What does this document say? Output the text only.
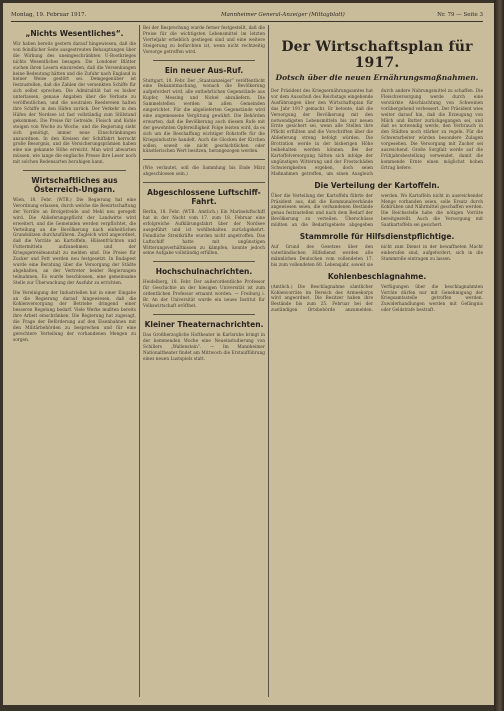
Montag, 19. Februar 1917.	Mannheimer General-Anzeiger (Mittagblatt)	Nr. 79 — Seite 3
„Nichts Wesentliches“.

Wir haben bereits gestern darauf hingewiesen, daß die von feindlicher Seite ausgestreuten Behauptungen über die Wirkung des uneingeschränkten U-Bootkrieges nichts Wesentliches besagen. Die Londoner Blätter suchen ihren Lesern einzureden, daß die Versenkungen keine Bedeutung hätten und die Zufuhr nach England in keiner Weise gestört sei. Demgegenüber ist festzustellen, daß die Zahlen der versenkten Schiffe für sich selbst sprechen. Die Admiralität hat es bisher unterlassen, genaue Angaben über die Verluste zu veröffentlichen, und die neutralen Reedereien halten ihre Schiffe in den Häfen zurück. Der Verkehr in den Häfen der Nordsee ist fast vollständig zum Stillstand gekommen. Die Preise für Getreide, Fleisch und Kohle steigen von Woche zu Woche, und die Regierung sieht sich genötigt, immer neue Einschränkungen anzuordnen. In den Kreisen der Schiffahrt herrscht große Besorgnis, und die Versicherungsprämien haben eine nie gekannte Höhe erreicht. Man wird abwarten müssen, wie lange die englische Presse ihre Leser noch mit solchen Redensarten beruhigen kann.

Wirtschaftliches aus Österreich-Ungarn.

Wien, 18. Febr. (WTB.) Die Regierung hat eine Verordnung erlassen, durch welche die Bewirtschaftung der Vorräte an Brotgetreide und Mehl neu geregelt wird. Die Ablieferungspflicht der Landwirte wird erweitert, und die Gemeinden werden verpflichtet, die Verteilung an die Bevölkerung nach einheitlichen Grundsätzen durchzuführen. Zugleich wird angeordnet, daß die Vorräte an Kartoffeln, Hülsenfrüchten und Futtermitteln aufzunehmen und der Kriegsgetreideanstalt zu melden sind. Die Preise für Zucker und Fett werden neu festgesetzt. In Budapest wurde eine Beratung über die Versorgung der Städte abgehalten, an der Vertreter beider Regierungen teilnahmen. Es wurde beschlossen, eine gemeinsame Stelle zur Überwachung der Ausfuhr zu errichten.

Die Vereinigung der Industriellen hat in einer Eingabe an die Regierung darauf hingewiesen, daß die Kohlenversorgung der Betriebe dringend einer besseren Regelung bedarf. Viele Werke mußten bereits ihre Arbeit einschränken. Die Regierung hat zugesagt, die Frage der Beförderung auf den Eisenbahnen mit den Militärbehörden zu besprechen und für eine gerechtere Verteilung der vorhandenen Mengen zu sorgen.

Bei der Besprechung wurde ferner festgestellt, daß die Preise für die wichtigsten Lebensmittel im letzten Vierteljahr erheblich gestiegen sind und eine weitere Steigerung zu befürchten ist, wenn nicht rechtzeitig Vorsorge getroffen wird.

Ein neuer Aus-Ruf.

Stuttgart, 18. Febr. Der „Staatsanzeiger“ veröffentlicht eine Bekanntmachung, wonach die Bevölkerung aufgefordert wird, alle entbehrlichen Gegenstände aus Kupfer, Messing und Nickel abzuliefern. Die Sammelstellen werden in allen Gemeinden eingerichtet. Für die abgelieferten Gegenstände wird eine angemessene Vergütung gewährt. Die Behörden erwarten, daß die Bevölkerung auch diesem Rufe mit der gewohnten Opferwilligkeit Folge leisten wird, da es sich um die Beschaffung wichtiger Rohstoffe für die Kriegsindustrie handelt. Auch die Glocken der Kirchen sollen, soweit sie nicht geschichtlichen oder künstlerischen Wert besitzen, herangezogen werden.

(Wie verlautet, soll die Sammlung bis Ende März abgeschlossen sein.)

Abgeschlossene Luftschiff-Fahrt.

Berlin, 18. Febr. (WTB. Amtlich.) Ein Marineluftschiff hat in der Nacht vom 17. zum 18. Februar eine erfolgreiche Aufklärungsfahrt über der Nordsee ausgeführt und ist wohlbehalten zurückgekehrt. Feindliche Streitkräfte wurden nicht angetroffen. Das Luftschiff hatte mit ungünstigen Witterungsverhältnissen zu kämpfen, konnte jedoch seine Aufgabe vollständig erfüllen.

Hochschulnachrichten.

Heidelberg, 18. Febr. Der außerordentliche Professor für Geschichte an der hiesigen Universität ist zum ordentlichen Professor ernannt worden. — Freiburg i. Br. An der Universität wurde ein neues Institut für Volkswirtschaft eröffnet.

Kleiner Theaternachrichten.

Das Großherzogliche Hoftheater in Karlsruhe bringt in der kommenden Woche eine Neueinstudierung von Schillers „Wallenstein“. — Im Mannheimer Nationaltheater findet am Mittwoch die Erstaufführung eines neuen Lustspiels statt.

Der Wirtschaftsplan für 1917.
Dotsch über die neuen Ernährungsmaßnahmen.

Der Präsident des Kriegsernährungsamtes hat vor dem Ausschuß des Reichstags eingehende Ausführungen über den Wirtschaftsplan für das Jahr 1917 gemacht. Er betonte, daß die Versorgung der Bevölkerung mit den notwendigsten Lebensmitteln bis zur neuen Ernte gesichert sei, wenn alle Stellen ihre Pflicht erfüllten und die Vorschriften über die Ablieferung streng befolgt würden. Die Brotration werde in der bisherigen Höhe beibehalten werden können. Bei der Kartoffelversorgung hätten sich infolge der ungünstigen Witterung und der Frostschäden Schwierigkeiten ergeben, doch seien Maßnahmen getroffen, um einen Ausgleich durch andere Nahrungsmittel zu schaffen. Die Fleischversorgung werde durch eine verstärkte Abschlachtung von Schweinen vorübergehend verbessert. Der Präsident wies weiter darauf hin, daß die Erzeugung von Milch und Butter zurückgegangen sei, und daß es notwendig werde, den Verbrauch in den Städten noch stärker zu regeln. Für die Schwerarbeiter würden besondere Zulagen vorgesehen. Die Versorgung mit Zucker sei ausreichend. Große Sorgfalt werde auf die Frühjahrsbestellung verwendet, damit die kommende Ernte einen möglichst hohen Ertrag liefere.

Die Verteilung der Kartoffeln.

Über die Verteilung der Kartoffeln führte der Präsident aus, daß die Kommunalverbände angewiesen seien, die vorhandenen Bestände genau festzustellen und nach dem Bedarf der Bevölkerung zu verteilen. Überschüsse müßten an die Bedarfsgebiete abgegeben werden. Wo Kartoffeln nicht in ausreichender Menge vorhanden seien, solle Ersatz durch Kohlrüben und Nährmittel geschaffen werden. Die Reichsstelle habe die nötigen Vorräte bereitgestellt. Auch die Versorgung mit Saatkartoffeln sei gesichert.

Stammrolle für Hilfsdienstpflichtige.

Auf Grund des Gesetzes über den vaterländischen Hilfsdienst werden alle männlichen Deutschen vom vollendeten 17. bis zum vollendeten 60. Lebensjahr, soweit sie nicht zum Dienst in der bewaffneten Macht einberufen sind, aufgefordert, sich in die Stammrolle eintragen zu lassen.

Kohlenbeschlagnahme.

(Amtlich.) Die Beschlagnahme sämtlicher Kohlenvorräte im Bereich des Armeekorps wird angeordnet. Die Besitzer haben ihre Bestände bis zum 25. Februar bei der zuständigen Ortsbehörde anzumelden. Verfügungen über die beschlagnahmten Vorräte dürfen nur mit Genehmigung der Kriegsamtsstelle getroffen werden. Zuwiderhandlungen werden mit Gefängnis oder Geldstrafe bestraft.
